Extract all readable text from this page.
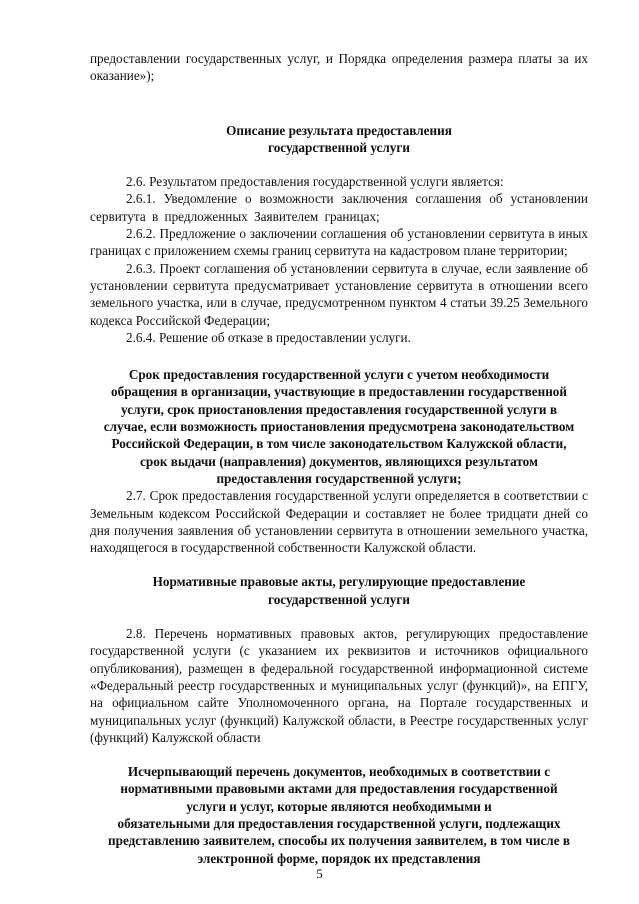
предоставлении государственных услуг, и Порядка определения размера платы за их оказание»);

Описание результата предоставления
государственной услуги

2.6. Результатом предоставления государственной услуги является:

2.6.1. Уведомление о возможности заключения соглашения об установлении сервитута в предложенных Заявителем границах;

2.6.2. Предложение о заключении соглашения об установлении сервитута в иных границах с приложением схемы границ сервитута на кадастровом плане территории;

2.6.3. Проект соглашения об установлении сервитута в случае, если заявление об установлении сервитута предусматривает установление сервитута в отношении всего земельного участка, или в случае, предусмотренном пунктом 4 статьи 39.25 Земельного кодекса Российской Федерации;

2.6.4. Решение об отказе в предоставлении услуги.

Срок предоставления государственной услуги с учетом необходимости
обращения в организации, участвующие в предоставлении государственной
услуги, срок приостановления предоставления государственной услуги в
случае, если возможность приостановления предусмотрена законодательством
Российской Федерации, в том числе законодательством Калужской области,
срок выдачи (направления) документов, являющихся результатом
предоставления государственной услуги;

2.7. Срок предоставления государственной услуги определяется в соответствии с Земельным кодексом Российской Федерации и составляет не более тридцати дней со дня получения заявления об установлении сервитута в отношении земельного участка, находящегося в государственной собственности Калужской области.

Нормативные правовые акты, регулирующие предоставление
государственной услуги

2.8. Перечень нормативных правовых актов, регулирующих предоставление государственной услуги (с указанием их реквизитов и источников официального опубликования), размещен в федеральной государственной информационной системе «Федеральный реестр государственных и муниципальных услуг (функций)», на ЕПГУ, на официальном сайте Уполномоченного органа, на Портале государственных и муниципальных услуг (функций) Калужской области, в Реестре государственных услуг (функций) Калужской области

Исчерпывающий перечень документов, необходимых в соответствии с
нормативными правовыми актами для предоставления государственной
услуги и услуг, которые являются необходимыми и
обязательными для предоставления государственной услуги, подлежащих
представлению заявителем, способы их получения заявителем, в том числе в
электронной форме, порядок их представления
5
